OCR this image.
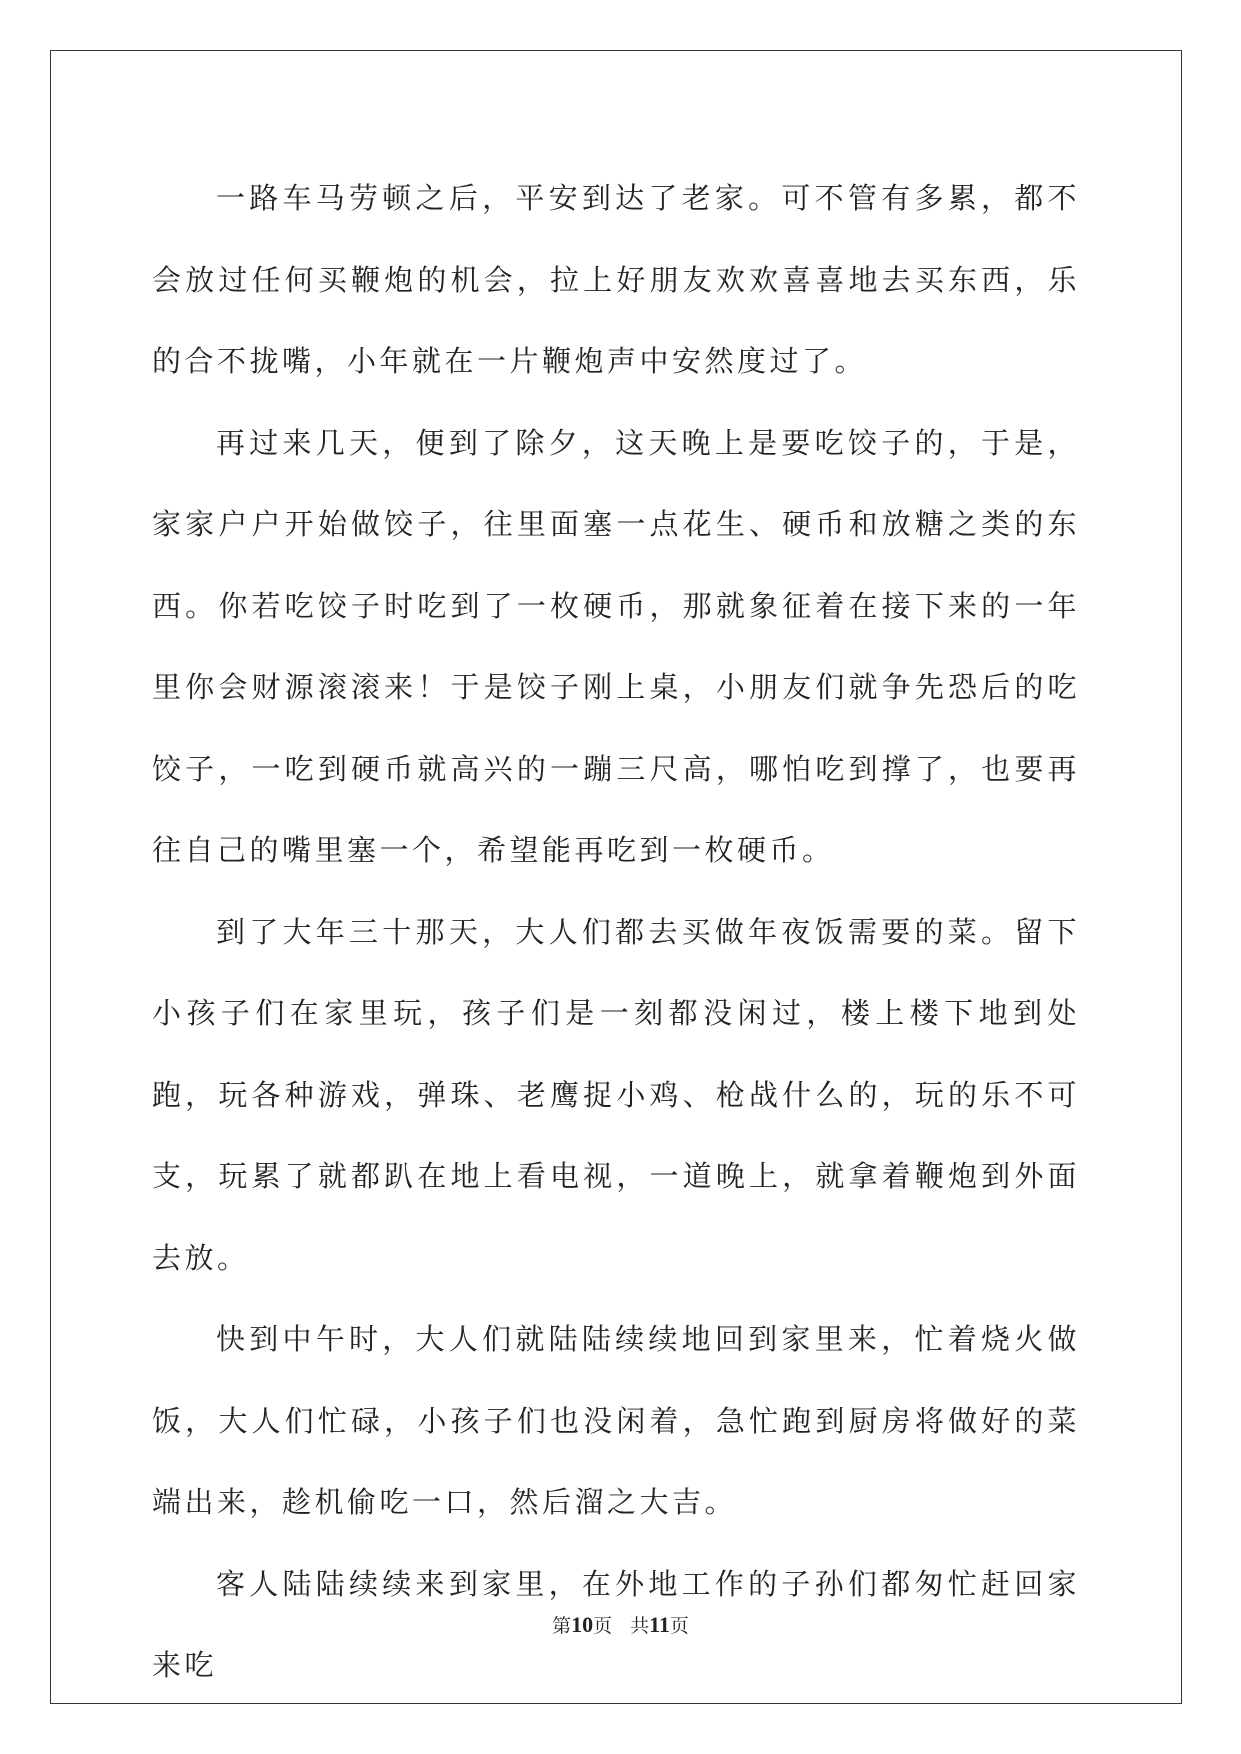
一路车马劳顿之后，平安到达了老家。可不管有多累，都不会放过任何买鞭炮的机会，拉上好朋友欢欢喜喜地去买东西，乐的合不拢嘴，小年就在一片鞭炮声中安然度过了。

再过来几天，便到了除夕，这天晚上是要吃饺子的，于是，家家户户开始做饺子，往里面塞一点花生、硬币和放糖之类的东西。你若吃饺子时吃到了一枚硬币，那就象征着在接下来的一年里你会财源滚滚来！于是饺子刚上桌，小朋友们就争先恐后的吃饺子，一吃到硬币就高兴的一蹦三尺高，哪怕吃到撑了，也要再往自己的嘴里塞一个，希望能再吃到一枚硬币。

到了大年三十那天，大人们都去买做年夜饭需要的菜。留下小孩子们在家里玩，孩子们是一刻都没闲过，楼上楼下地到处跑，玩各种游戏，弹珠、老鹰捉小鸡、枪战什么的，玩的乐不可支，玩累了就都趴在地上看电视，一道晚上，就拿着鞭炮到外面去放。

快到中午时，大人们就陆陆续续地回到家里来，忙着烧火做饭，大人们忙碌，小孩子们也没闲着，急忙跑到厨房将做好的菜端出来，趁机偷吃一口，然后溜之大吉。

客人陆陆续续来到家里，在外地工作的子孙们都匆忙赶回家来吃

第10页 共11页
